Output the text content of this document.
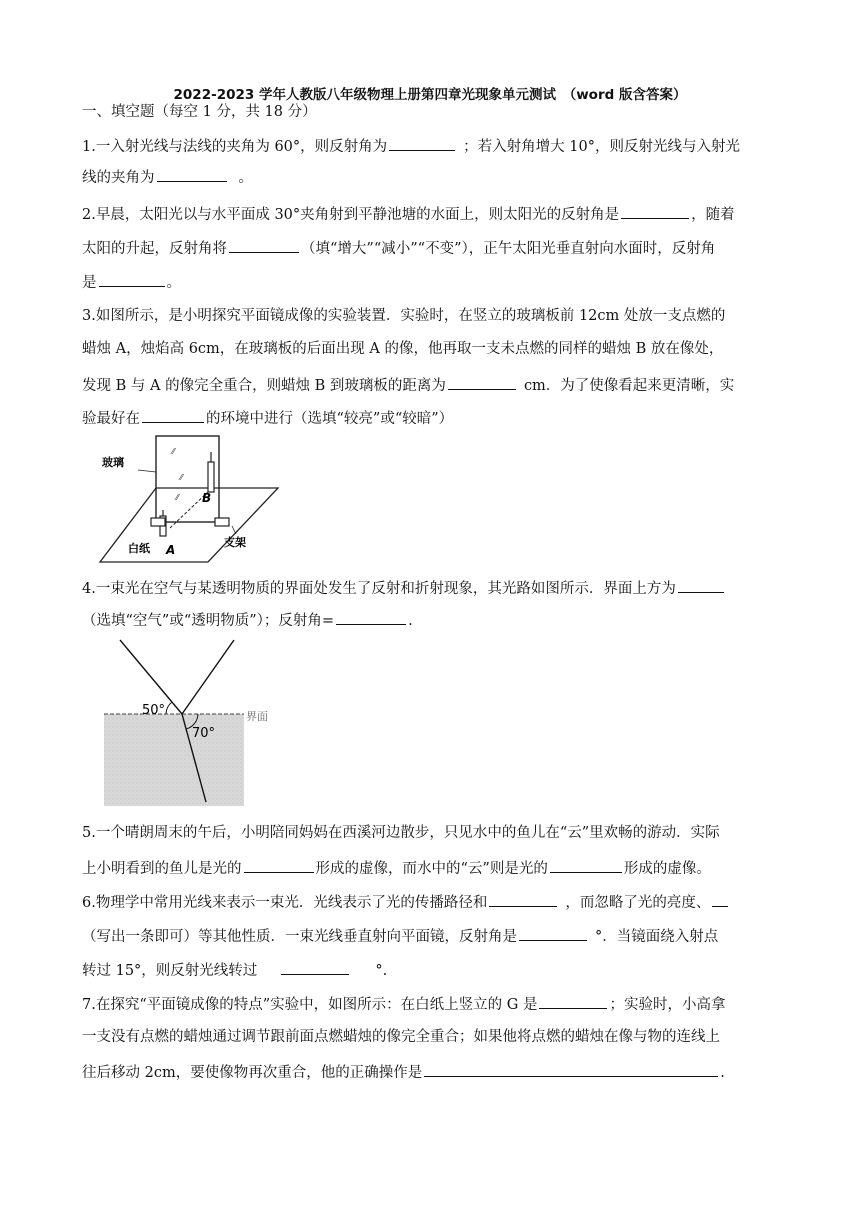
2022-2023 学年人教版八年级物理上册第四章光现象单元测试　（word 版含答案）
一、填空题（每空 1 分，共 18 分）
1.一入射光线与法线的夹角为 60°，则反射角为	；若入射角增大 10°，则反射光线与入射光
线的夹角为	。
2.早晨，太阳光以与水平面成 30°夹角射到平静池塘的水面上，则太阳光的反射角是	，随着
太阳的升起，反射角将	（填“增大”“减小”“不变”），正午太阳光垂直射向水面时，反射角
是	。
3.如图所示，是小明探究平面镜成像的实验装置．实验时，在竖立的玻璃板前 12cm 处放一支点燃的
蜡烛 A，烛焰高 6cm，在玻璃板的后面出现 A 的像，他再取一支未点燃的同样的蜡烛 B 放在像处，
发现 B 与 A 的像完全重合，则蜡烛 B 到玻璃板的距离为	cm．为了使像看起来更清晰，实
验最好在	的环境中进行（选填“较亮”或“较暗”）
⁄⁄
⁄⁄
⁄⁄
玻璃
B
白纸 A
支架
4.一束光在空气与某透明物质的界面处发生了反射和折射现象，其光路如图所示．界面上方为
（选填“空气”或“透明物质”）；反射角=	.
50°
70°
界面
5.一个晴朗周末的午后，小明陪同妈妈在西溪河边散步，只见水中的鱼儿在“云”里欢畅的游动．实际
上小明看到的鱼儿是光的	形成的虚像，而水中的“云”则是光的	形成的虚像。
6.物理学中常用光线来表示一束光．光线表示了光的传播路径和	，而忽略了光的亮度、
（写出一条即可）等其他性质．一束光线垂直射向平面镜，反射角是	°．当镜面绕入射点
转过 15°，则反射光线转过	°.
7.在探究“平面镜成像的特点”实验中，如图所示：在白纸上竖立的 G 是	；实验时，小高拿
一支没有点燃的蜡烛通过调节跟前面点燃蜡烛的像完全重合；如果他将点燃的蜡烛在像与物的连线上
往后移动 2cm，要使像物再次重合，他的正确操作是	.
